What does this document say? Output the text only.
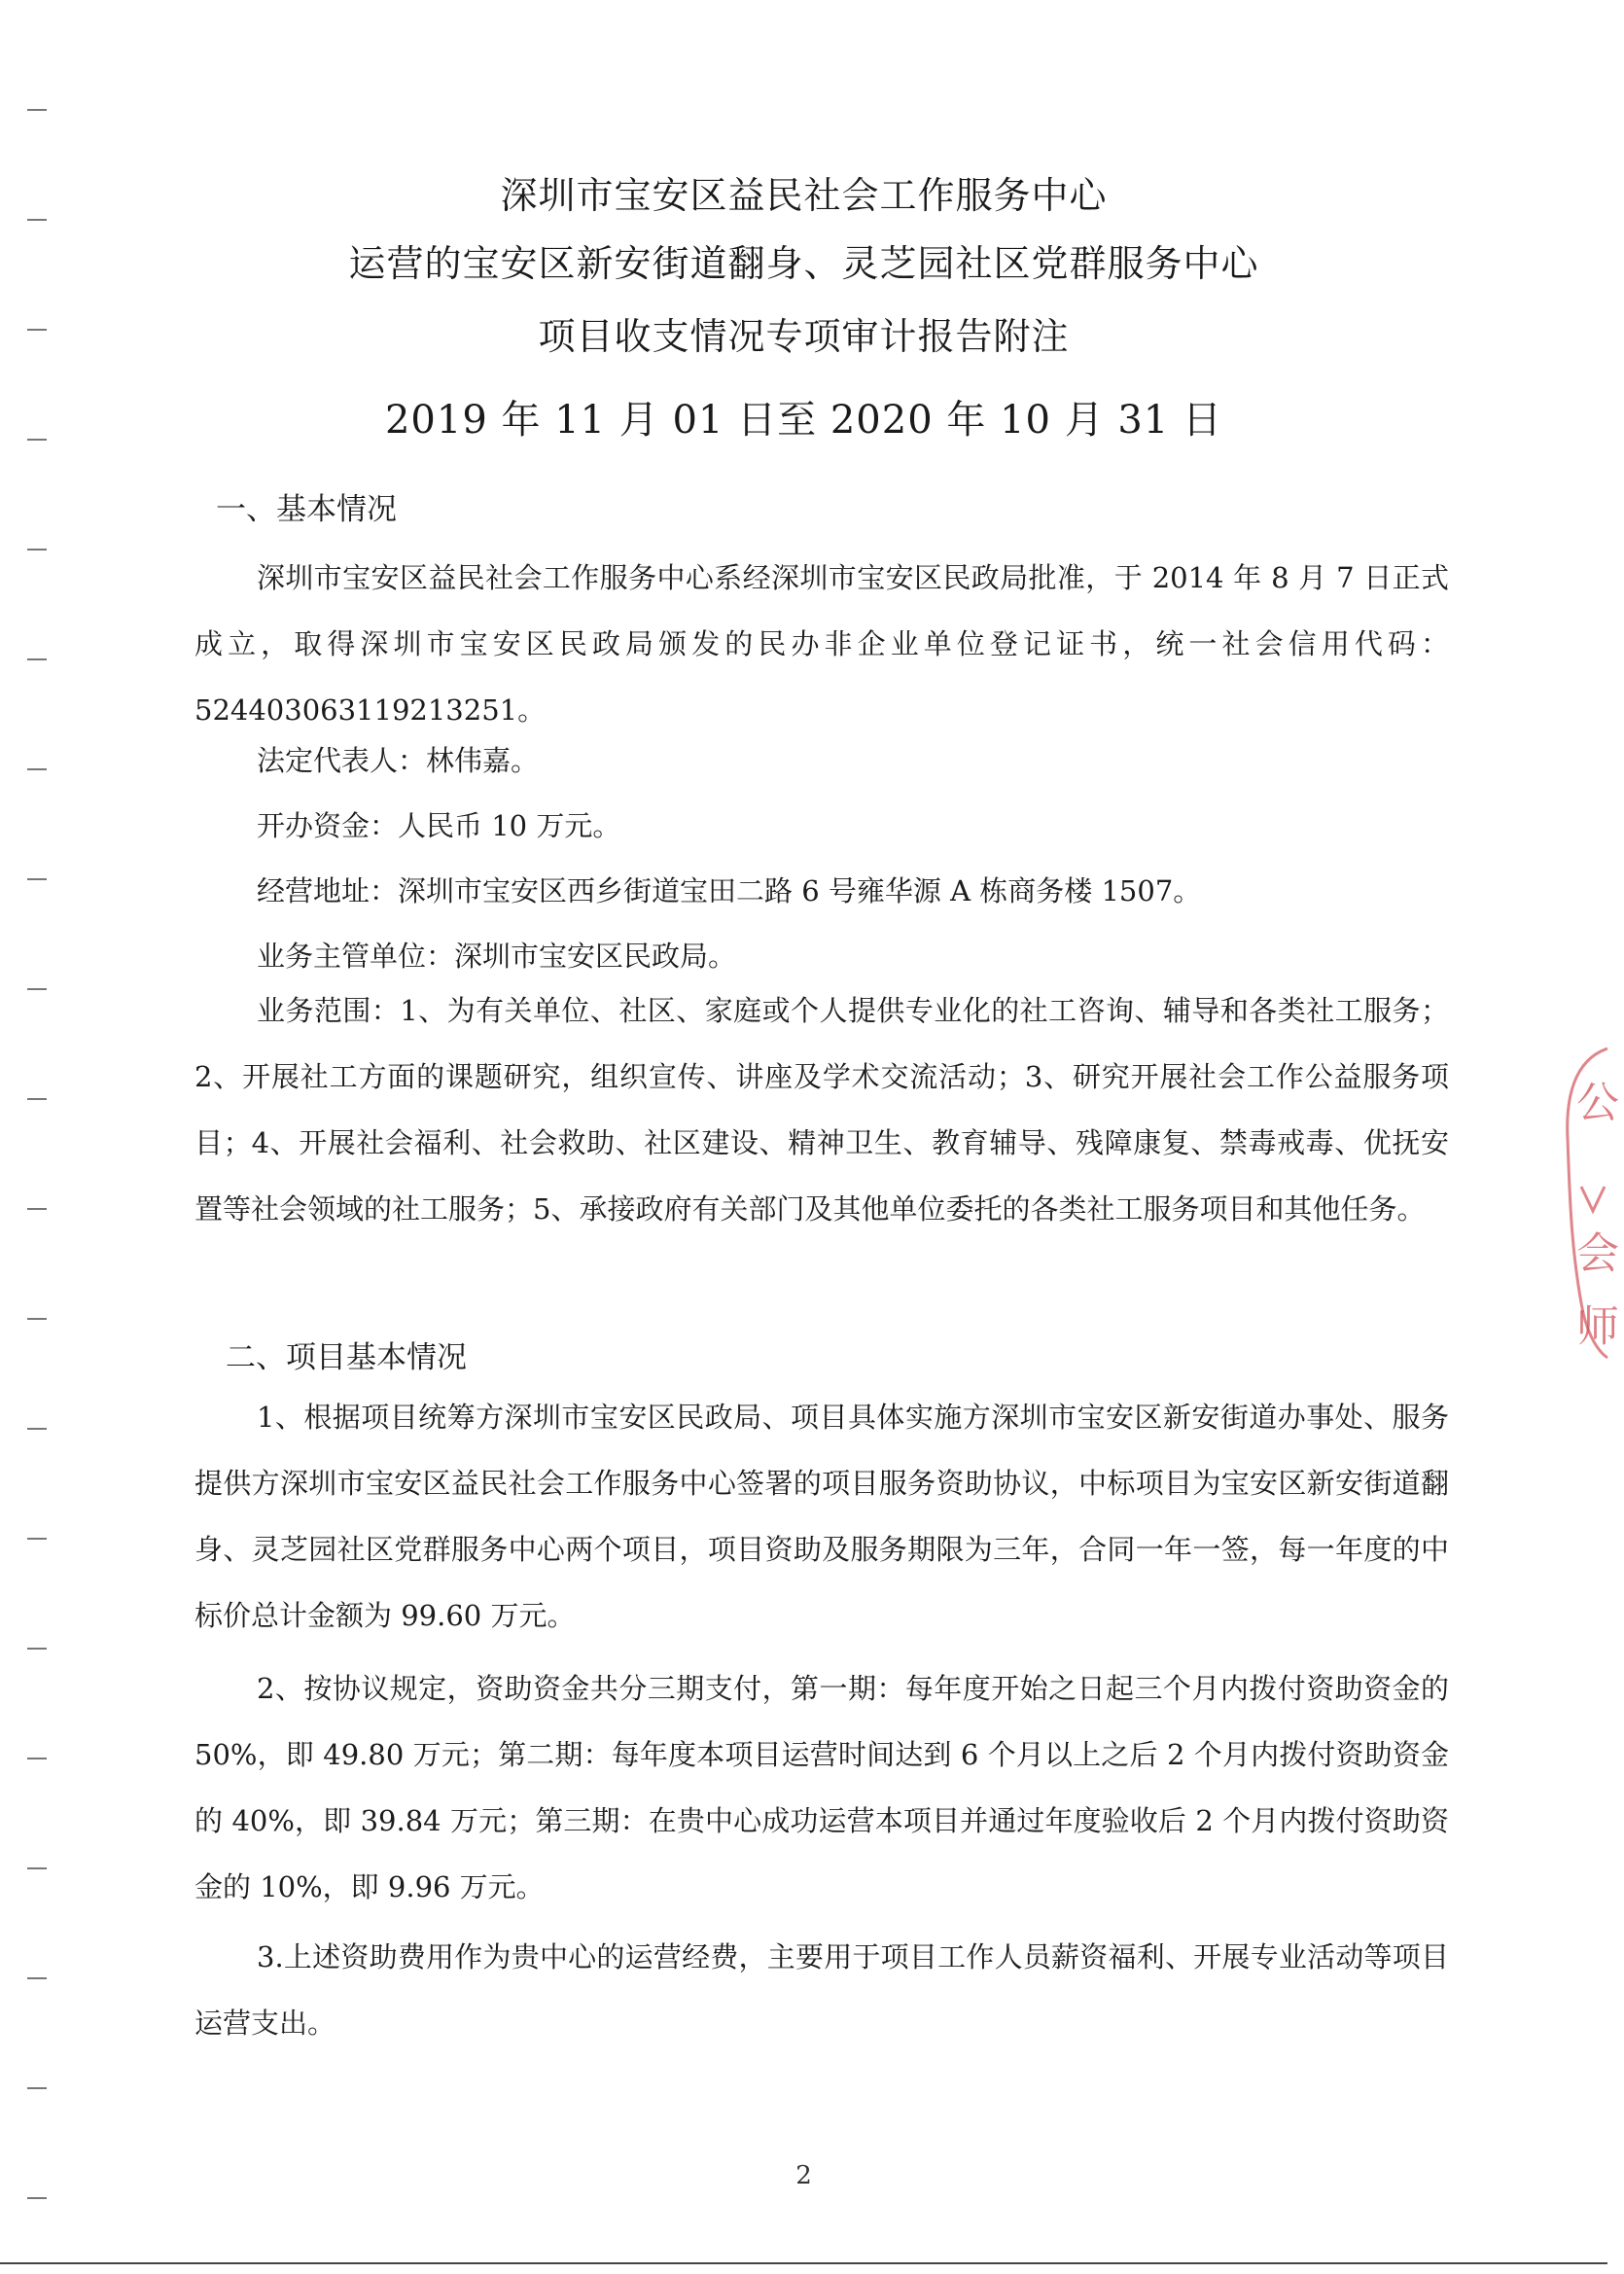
深圳市宝安区益民社会工作服务中心
运营的宝安区新安街道翻身、灵芝园社区党群服务中心
项目收支情况专项审计报告附注
2019 年 11 月 01 日至 2020 年 10 月 31 日
一、基本情况

深圳市宝安区益民社会工作服务中心系经深圳市宝安区民政局批准，于 2014 年 8 月 7 日正式成立，取得深圳市宝安区民政局颁发的民办非企业单位登记证书，统一社会信用代码：524403063119213251。

法定代表人：林伟嘉。

开办资金：人民币 10 万元。

经营地址：深圳市宝安区西乡街道宝田二路 6 号雍华源 A 栋商务楼 1507。

业务主管单位：深圳市宝安区民政局。

业务范围：1、为有关单位、社区、家庭或个人提供专业化的社工咨询、辅导和各类社工服务；2、开展社工方面的课题研究，组织宣传、讲座及学术交流活动；3、研究开展社会工作公益服务项目；4、开展社会福利、社会救助、社区建设、精神卫生、教育辅导、残障康复、禁毒戒毒、优抚安置等社会领域的社工服务；5、承接政府有关部门及其他单位委托的各类社工服务项目和其他任务。

二、项目基本情况

1、根据项目统筹方深圳市宝安区民政局、项目具体实施方深圳市宝安区新安街道办事处、服务提供方深圳市宝安区益民社会工作服务中心签署的项目服务资助协议，中标项目为宝安区新安街道翻身、灵芝园社区党群服务中心两个项目，项目资助及服务期限为三年，合同一年一签，每一年度的中标价总计金额为 99.60 万元。

2、按协议规定，资助资金共分三期支付，第一期：每年度开始之日起三个月内拨付资助资金的 50%，即 49.80 万元；第二期：每年度本项目运营时间达到 6 个月以上之后 2 个月内拨付资助资金的 40%，即 39.84 万元；第三期：在贵中心成功运营本项目并通过年度验收后 2 个月内拨付资助资金的 10%，即 9.96 万元。

3.上述资助费用作为贵中心的运营经费，主要用于项目工作人员薪资福利、开展专业活动等项目运营支出。

2
公
会
师
